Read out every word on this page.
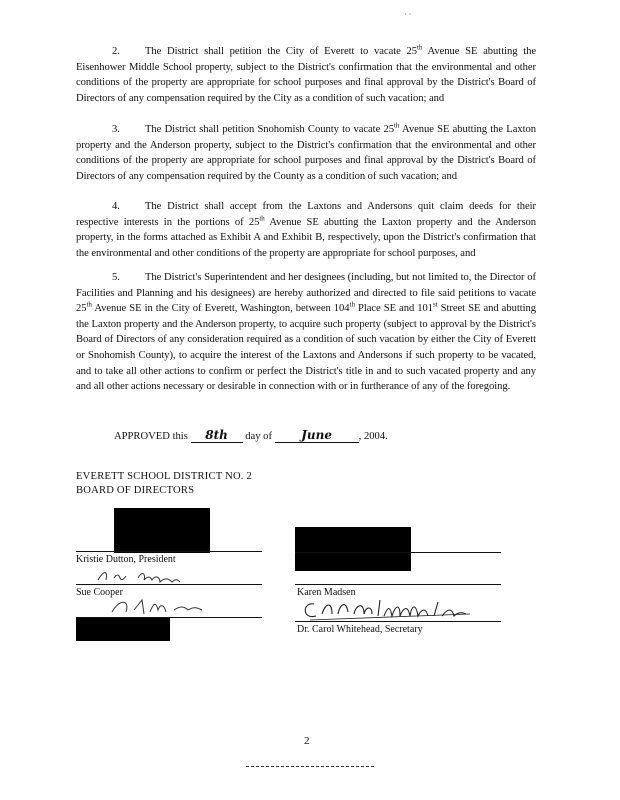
· ·
2. The District shall petition the City of Everett to vacate 25th Avenue SE abutting the Eisenhower Middle School property, subject to the District's confirmation that the environmental and other conditions of the property are appropriate for school purposes and final approval by the District's Board of Directors of any compensation required by the City as a condition of such vacation; and
3. The District shall petition Snohomish County to vacate 25th Avenue SE abutting the Laxton property and the Anderson property, subject to the District's confirmation that the environmental and other conditions of the property are appropriate for school purposes and final approval by the District's Board of Directors of any compensation required by the County as a condition of such vacation; and
4. The District shall accept from the Laxtons and Andersons quit claim deeds for their respective interests in the portions of 25th Avenue SE abutting the Laxton property and the Anderson property, in the forms attached as Exhibit A and Exhibit B, respectively, upon the District's confirmation that the environmental and other conditions of the property are appropriate for school purposes, and
5. The District's Superintendent and her designees (including, but not limited to, the Director of Facilities and Planning and his designees) are hereby authorized and directed to file said petitions to vacate 25th Avenue SE in the City of Everett, Washington, between 104th Place SE and 101st Street SE and abutting the Laxton property and the Anderson property, to acquire such property (subject to approval by the District's Board of Directors of any consideration required as a condition of such vacation by either the City of Everett or Snohomish County), to acquire the interest of the Laxtons and Andersons if such property to be vacated, and to take all other actions to confirm or perfect the District's title in and to such vacated property and any and all other actions necessary or desirable in connection with or in furtherance of any of the foregoing.
APPROVED this 8th day of June	, 2004.
EVERETT SCHOOL DISTRICT NO. 2
BOARD OF DIRECTORS
Kristie Dutton, President
Sue Cooper	Karen Madsen
Dr. Carol Whitehead, Secretary
2
